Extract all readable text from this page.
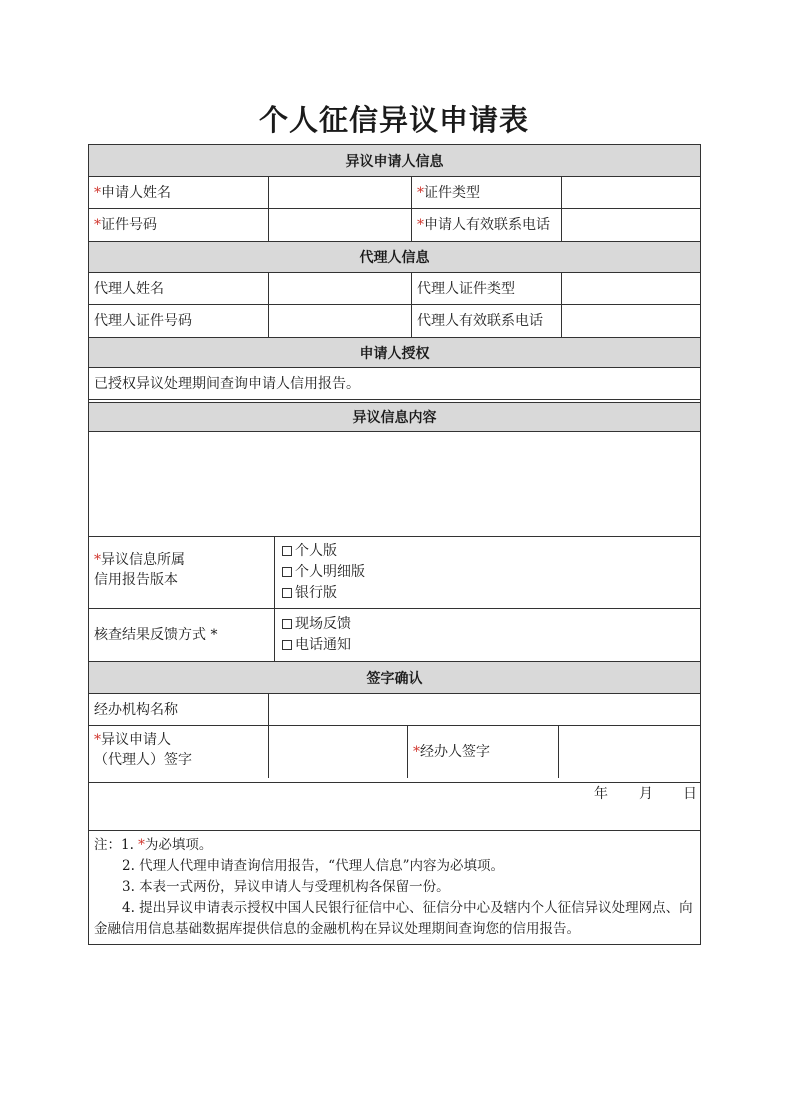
个人征信异议申请表
异议申请人信息
* 申请人姓名	* 证件类型
* 证件号码	* 申请人有效联系电话
代理人信息
代理人姓名	代理人证件类型
代理人证件号码	代理人有效联系电话
申请人授权
已授权异议处理期间查询申请人信用报告。
异议信息内容
*异议信息所属
信用报告版本
个人版
个人明细版
银行版
核查结果反馈方式 *
现场反馈
电话通知
签字确认
经办机构名称
*异议申请人
（代理人）签字	* 经办人签字
年 月 日
注：1. *为必填项。
2. 代理人代理申请查询信用报告，“代理人信息”内容为必填项。
3. 本表一式两份，异议申请人与受理机构各保留一份。
4. 提出异议申请表示授权中国人民银行征信中心、征信分中心及辖内个人征信异议处理网点、向金融信用信息基础数据库提供信息的金融机构在异议处理期间查询您的信用报告。
